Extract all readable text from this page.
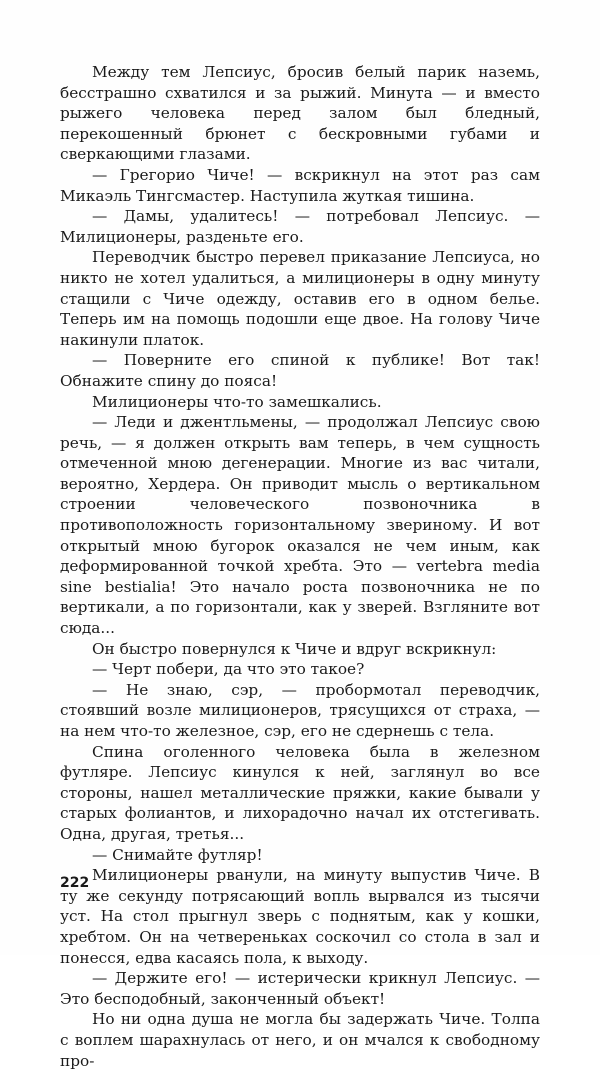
Между тем Лепсиус, бросив белый парик наземь, бесстрашно схватился и за рыжий. Минута — и вместо рыжего человека перед залом был бледный, перекошенный брюнет с бескровными губами и сверкающими глазами.

— Грегорио Чиче! — вскрикнул на этот раз сам Микаэль Тингсмастер. Наступила жуткая тишина.

— Дамы, удалитесь! — потребовал Лепсиус. — Милиционеры, разденьте его.

Переводчик быстро перевел приказание Лепсиуса, но никто не хотел удалиться, а милиционеры в одну минуту стащили с Чиче одежду, оставив его в одном белье. Теперь им на помощь подошли еще двое. На голову Чиче накинули платок.

— Поверните его спиной к публике! Вот так! Обнажите спину до пояса!

Милиционеры что-то замешкались.

— Леди и джентльмены, — продолжал Лепсиус свою речь, — я должен открыть вам теперь, в чем сущность отмеченной мною дегенерации. Многие из вас читали, вероятно, Хердера. Он приводит мысль о вертикальном строении человеческого позвоночника в противоположность горизонтальному звериному. И вот открытый мною бугорок оказался не чем иным, как деформированной точкой хребта. Это — vertebra media sine bestialia! Это начало роста позвоночника не по вертикали, а по горизонтали, как у зверей. Взгляните вот сюда...

Он быстро повернулся к Чиче и вдруг вскрикнул:

— Черт побери, да что это такое?

— Не знаю, сэр, — пробормотал переводчик, стоявший возле милиционеров, трясущихся от страха, — на нем что-то железное, сэр, его не сдернешь с тела.

Спина оголенного человека была в железном футляре. Лепсиус кинулся к ней, заглянул во все стороны, нашел металлические пряжки, какие бывали у старых фолиантов, и лихорадочно начал их отстегивать. Одна, другая, третья...

— Снимайте футляр!

Милиционеры рванули, на минуту выпустив Чиче. В ту же секунду потрясающий вопль вырвался из тысячи уст. На стол прыгнул зверь с поднятым, как у кошки, хребтом. Он на четвереньках соскочил со стола в зал и понесся, едва касаясь пола, к выходу.

— Держите его! — истерически крикнул Лепсиус. — Это бесподобный, законченный объект!

Но ни одна душа не могла бы задержать Чиче. Толпа с воплем шарахнулась от него, и он мчался к свободному про-

222
